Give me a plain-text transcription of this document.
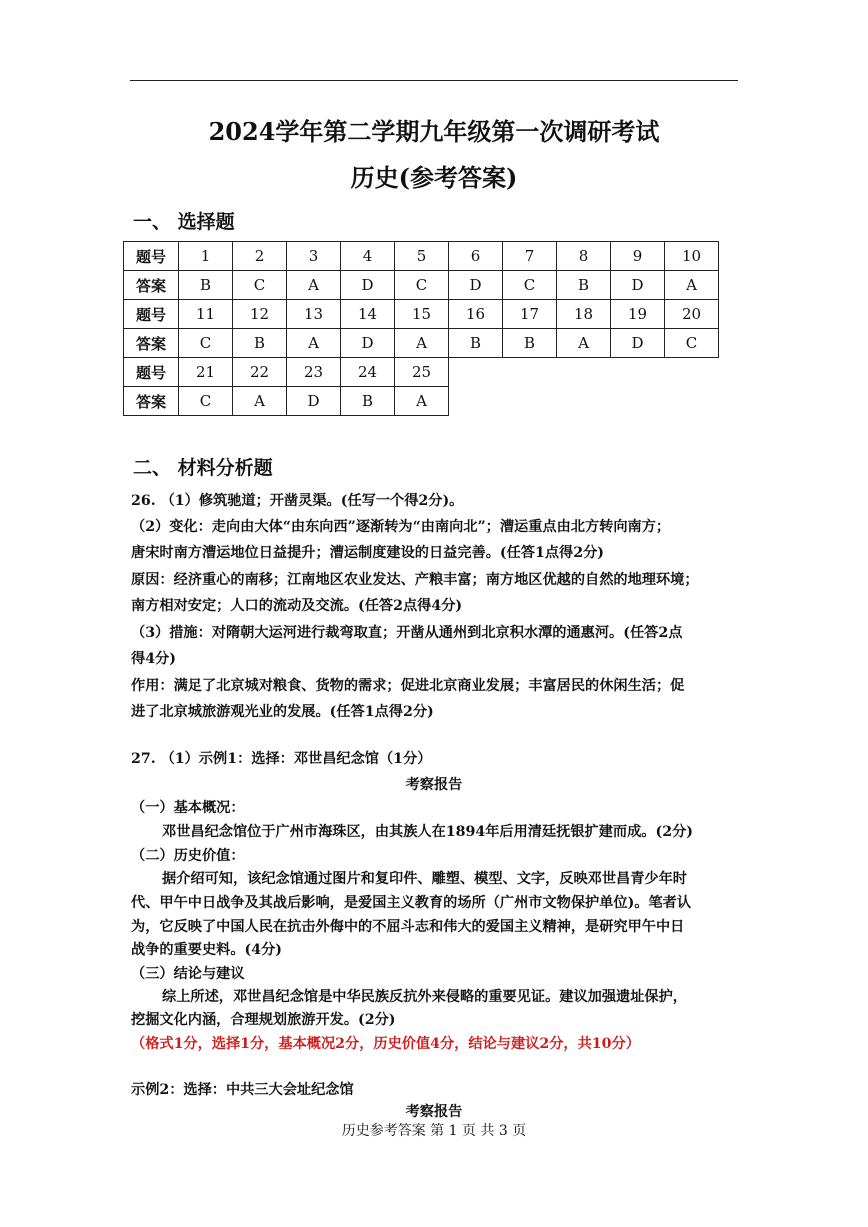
2024学年第二学期九年级第一次调研考试
历史(参考答案)
一、 选择题
题号	1	2	3	4	5	6	7	8	9	10
答案	B	C	A	D	C	D	C	B	D	A
题号	11	12	13	14	15	16	17	18	19	20
答案	C	B	A	D	A	B	B	A	D	C
题号	21	22	23	24	25					
答案	C	A	D	B	A					
二、 材料分析题
26. （1）修筑驰道；开凿灵渠。(任写一个得2分)。
（2）变化：走向由大体“由东向西”逐渐转为“由南向北”；漕运重点由北方转向南方；
唐宋时南方漕运地位日益提升；漕运制度建设的日益完善。(任答1点得2分)
原因：经济重心的南移；江南地区农业发达、产粮丰富；南方地区优越的自然的地理环境；
南方相对安定；人口的流动及交流。(任答2点得4分)
（3）措施：对隋朝大运河进行裁弯取直；开凿从通州到北京积水潭的通惠河。(任答2点
得4分)
作用：满足了北京城对粮食、货物的需求；促进北京商业发展；丰富居民的休闲生活；促
进了北京城旅游观光业的发展。(任答1点得2分)
27. （1）示例1：选择：邓世昌纪念馆（1分）
考察报告
（一）基本概况：
邓世昌纪念馆位于广州市海珠区，由其族人在1894年后用清廷抚银扩建而成。(2分)
（二）历史价值：
据介绍可知，该纪念馆通过图片和复印件、雕塑、模型、文字，反映邓世昌青少年时
代、甲午中日战争及其战后影响，是爱国主义教育的场所（广州市文物保护单位)。笔者认
为，它反映了中国人民在抗击外侮中的不屈斗志和伟大的爱国主义精神，是研究甲午中日
战争的重要史料。(4分)
（三）结论与建议
综上所述，邓世昌纪念馆是中华民族反抗外来侵略的重要见证。建议加强遗址保护，
挖掘文化内涵，合理规划旅游开发。(2分)
（格式1分，选择1分，基本概况2分，历史价值4分，结论与建议2分，共10分）
示例2：选择：中共三大会址纪念馆
考察报告
历史参考答案 第 1 页 共 3 页
